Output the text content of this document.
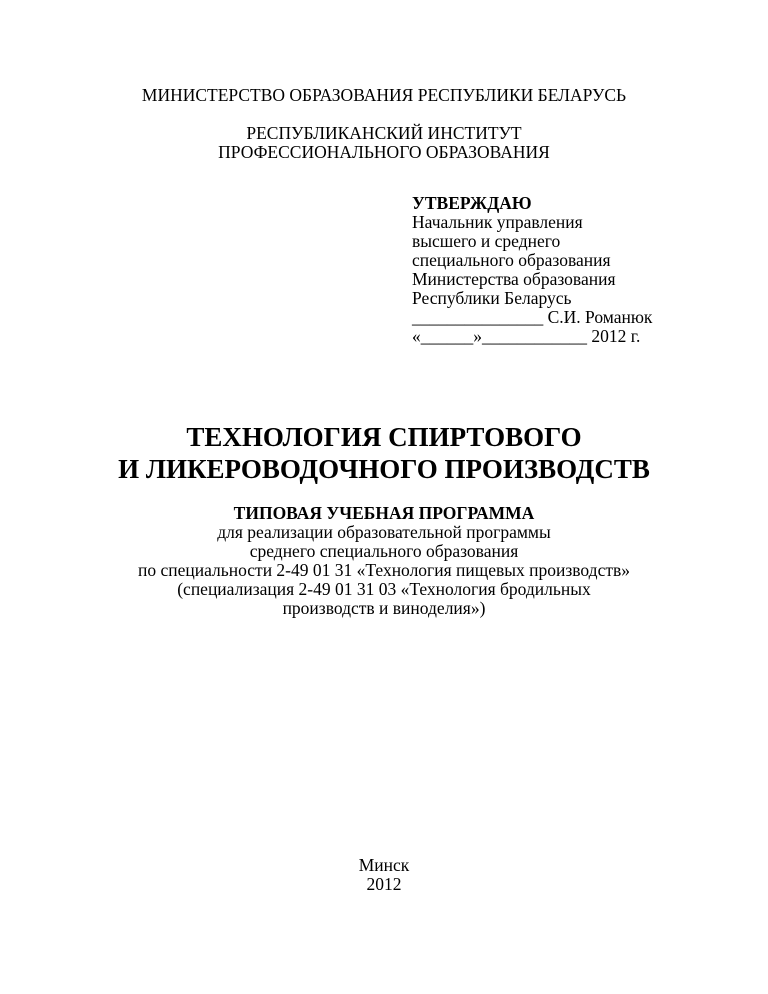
МИНИСТЕРСТВО ОБРАЗОВАНИЯ РЕСПУБЛИКИ БЕЛАРУСЬ
РЕСПУБЛИКАНСКИЙ ИНСТИТУТ
ПРОФЕССИОНАЛЬНОГО ОБРАЗОВАНИЯ
УТВЕРЖДАЮ
Начальник управления
высшего и среднего
специального образования
Министерства образования
Республики Беларусь
_______________ С.И. Романюк
«______»____________ 2012 г.
ТЕХНОЛОГИЯ СПИРТОВОГО
И ЛИКЕРОВОДОЧНОГО ПРОИЗВОДСТВ
ТИПОВАЯ УЧЕБНАЯ ПРОГРАММА
для реализации образовательной программы
среднего специального образования
по специальности 2-49 01 31 «Технология пищевых производств»
(специализация 2-49 01 31 03 «Технология бродильных
производств и виноделия»)
Минск
2012
